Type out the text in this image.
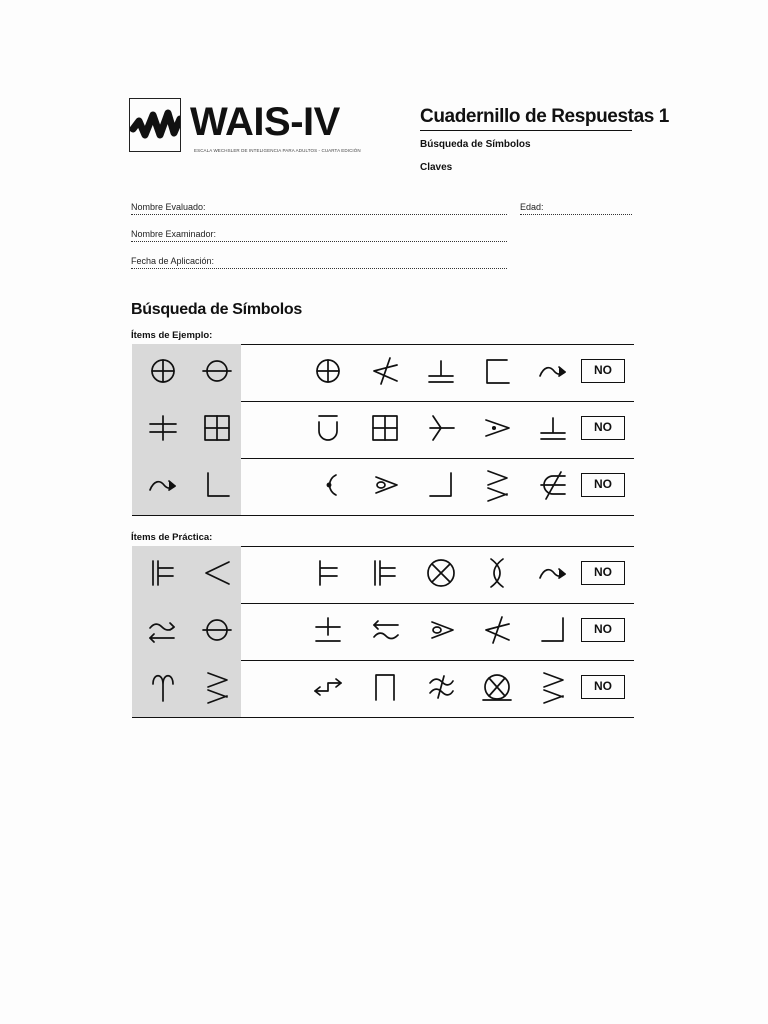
WAIS-IV
ESCALA WECHSLER DE INTELIGENCIA PARA ADULTOS - CUARTA EDICIÓN
Cuadernillo de Respuestas 1
Búsqueda de Símbolos
Claves
Nombre Evaluado:	Edad:
Nombre Examinador:
Fecha de Aplicación:
Búsqueda de Símbolos
Ítems de Ejemplo:
Ítems de Práctica:
NO
NO
NO
NO
NO
NO
